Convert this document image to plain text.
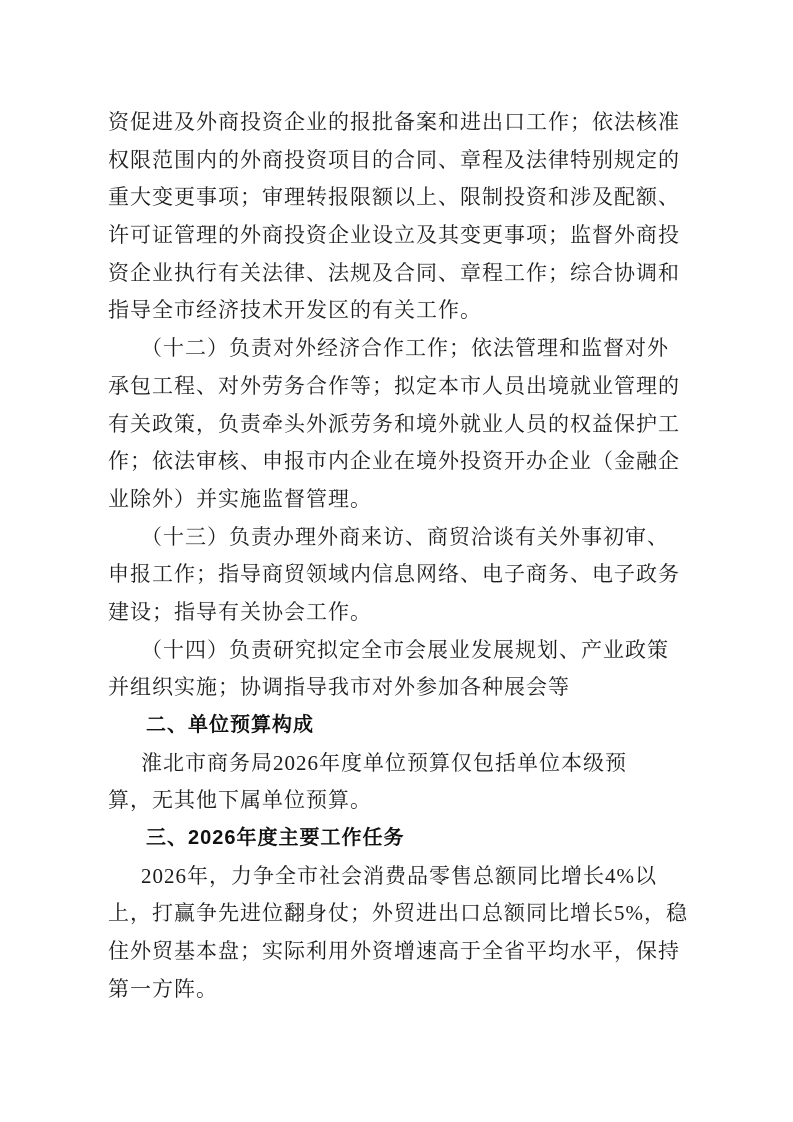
资促进及外商投资企业的报批备案和进出口工作；依法核准
权限范围内的外商投资项目的合同、章程及法律特别规定的
重大变更事项；审理转报限额以上、限制投资和涉及配额、
许可证管理的外商投资企业设立及其变更事项；监督外商投
资企业执行有关法律、法规及合同、章程工作；综合协调和
指导全市经济技术开发区的有关工作。
（十二）负责对外经济合作工作；依法管理和监督对外
承包工程、对外劳务合作等；拟定本市人员出境就业管理的
有关政策，负责牵头外派劳务和境外就业人员的权益保护工
作；依法审核、申报市内企业在境外投资开办企业（金融企
业除外）并实施监督管理。
（十三）负责办理外商来访、商贸洽谈有关外事初审、
申报工作；指导商贸领域内信息网络、电子商务、电子政务
建设；指导有关协会工作。
（十四）负责研究拟定全市会展业发展规划、产业政策
并组织实施；协调指导我市对外参加各种展会等
二、单位预算构成
淮北市商务局2026年度单位预算仅包括单位本级预
算，无其他下属单位预算。
三、2026年度主要工作任务
2026年，力争全市社会消费品零售总额同比增长4%以
上，打赢争先进位翻身仗；外贸进出口总额同比增长5%，稳
住外贸基本盘；实际利用外资增速高于全省平均水平，保持
第一方阵。
